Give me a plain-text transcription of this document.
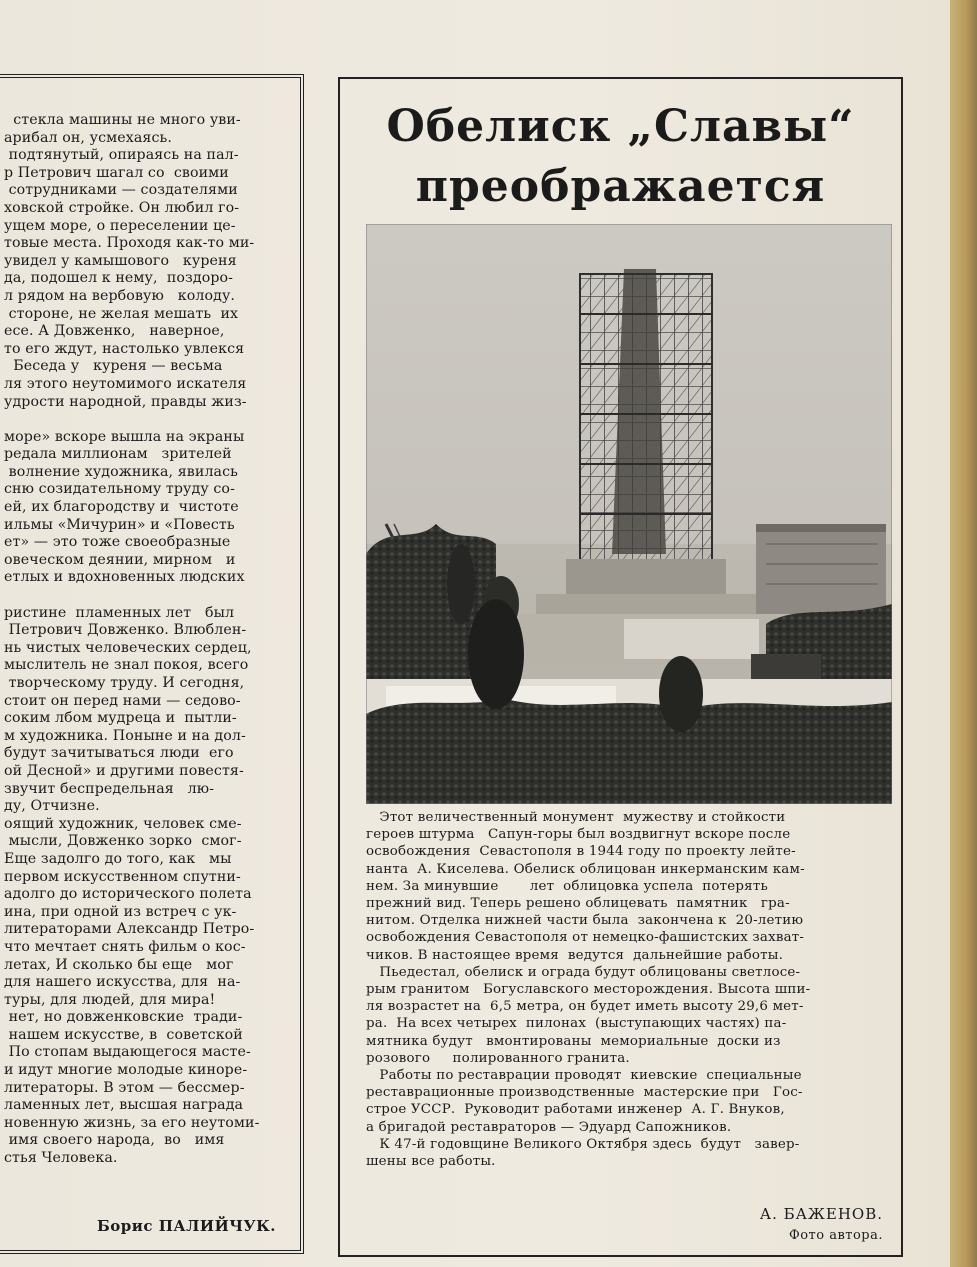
стекла машины не много уви-
арибал он, усмехаясь.
подтянутый, опираясь на пал-
р Петрович шагал со  своими
сотрудниками — создателями
ховской стройке. Он любил го-
ущем море, о переселении це-
товые места. Проходя как-то ми-
увидел у камышового   куреня
да, подошел к нему,  поздоро-
л рядом на вербовую   колоду.
стороне, не желая мешать  их
есе. А Довженко,   наверное,
то его ждут, настолько увлекся
Беседа у   куреня — весьма
ля этого неутомимого искателя
удрости народной, правды жиз-

море» вскоре вышла на экраны
редала миллионам   зрителей
волнение художника, явилась
сню созидательному труду со-
ей, их благородству и  чистоте
ильмы «Мичурин» и «Повесть
ет» — это тоже своеобразные
овеческом деянии, мирном   и
етлых и вдохновенных людских

ристине  пламенных лет   был
Петрович Довженко. Влюблен-
нь чистых человеческих сердец,
мыслитель не знал покоя, всего
творческому труду. И сегодня,
стоит он перед нами — седово-
соким лбом мудреца и  пытли-
м художника. Поныне и на дол-
будут зачитываться люди  его
ой Десной» и другими повестя-
звучит беспредельная   лю-
ду, Отчизне.
оящий художник, человек сме-
мысли, Довженко зорко  смог-
Еще задолго до того, как   мы
первом искусственном спутни-
адолго до исторического полета
ина, при одной из встреч с ук-
литераторами Александр Петро-
что мечтает снять фильм о кос-
летах, И сколько бы еще   мог
для нашего искусства, для  на-
туры, для людей, для мира!
нет, но довженковские  тради-
нашем искусстве, в  советской
По стопам выдающегося масте-
и идут многие молодые киноре-
литераторы. В этом — бессмер-
ламенных лет, высшая награда
новенную жизнь, за его неутоми-
имя своего народа,  во   имя
стья Человека.
Борис ПАЛИЙЧУК.
Обелиск „Славы“
преображается
Этот величественный монумент  мужеству и стойкости
героев штурма   Сапун-горы был воздвигнут вскоре после
освобождения  Севастополя в 1944 году по проекту лейте-
нанта  А. Киселева. Обелиск облицован инкерманским кам-
нем. За минувшие       лет  облицовка успела  потерять
прежний вид. Теперь решено облицевать  памятник   гра-
нитом. Отделка нижней части была  закончена к  20-летию
освобождения Севастополя от немецко-фашистских захват-
чиков. В настоящее время  ведутся  дальнейшие работы.
Пьедестал, обелиск и ограда будут облицованы светлосе-
рым гранитом   Богуславского месторождения. Высота шпи-
ля возрастет на  6,5 метра, он будет иметь высоту 29,6 мет-
ра.  На всех четырех  пилонах  (выступающих частях) па-
мятника будут   вмонтированы  мемориальные  доски из
розового     полированного гранита.
Работы по реставрации проводят  киевские  специальные
реставрационные производственные  мастерские при   Гос-
строе УССР.  Руководит работами инженер  А. Г. Внуков,
а бригадой реставраторов — Эдуард Сапожников.
К 47-й годовщине Великого Октября здесь  будут   завер-
шены все работы.
А. БАЖЕНОВ.
Фото автора.
